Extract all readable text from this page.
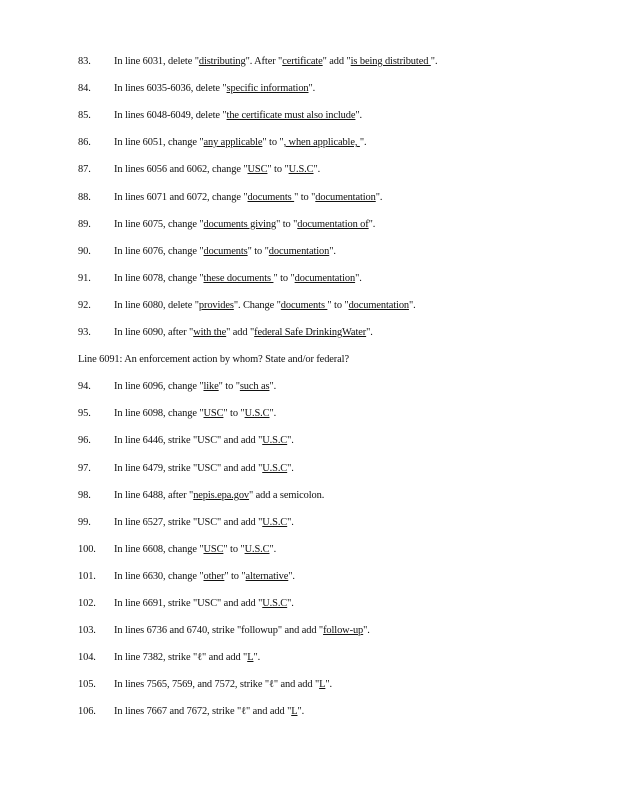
83. In line 6031, delete "distributing". After "certificate" add "is being distributed ".
84. In lines 6035-6036, delete "specific information".
85. In lines 6048-6049, delete "the certificate must also include".
86. In line 6051, change "any applicable" to ", when applicable, ".
87. In lines 6056 and 6062, change "USC" to "U.S.C".
88. In lines 6071 and 6072, change "documents " to "documentation".
89. In line 6075, change "documents giving" to "documentation of".
90. In line 6076, change "documents" to "documentation".
91. In line 6078, change "these documents " to "documentation".
92. In line 6080, delete "provides". Change "documents " to "documentation".
93. In line 6090, after "with the" add "federal Safe DrinkingWater".
Line 6091: An enforcement action by whom? State and/or federal?
94. In line 6096, change "like" to "such as".
95. In line 6098, change "USC" to "U.S.C".
96. In line 6446, strike "USC" and add "U.S.C".
97. In line 6479, strike "USC" and add "U.S.C".
98. In line 6488, after "nepis.epa.gov" add a semicolon.
99. In line 6527, strike "USC" and add "U.S.C".
100. In line 6608, change "USC" to "U.S.C".
101. In line 6630, change "other" to "alternative".
102. In line 6691, strike "USC" and add "U.S.C".
103. In lines 6736 and 6740, strike "followup" and add "follow-up".
104. In line 7382, strike "ℓ" and add "L".
105. In lines 7565, 7569, and 7572, strike "ℓ" and add "L".
106. In lines 7667 and 7672, strike "ℓ" and add "L".
